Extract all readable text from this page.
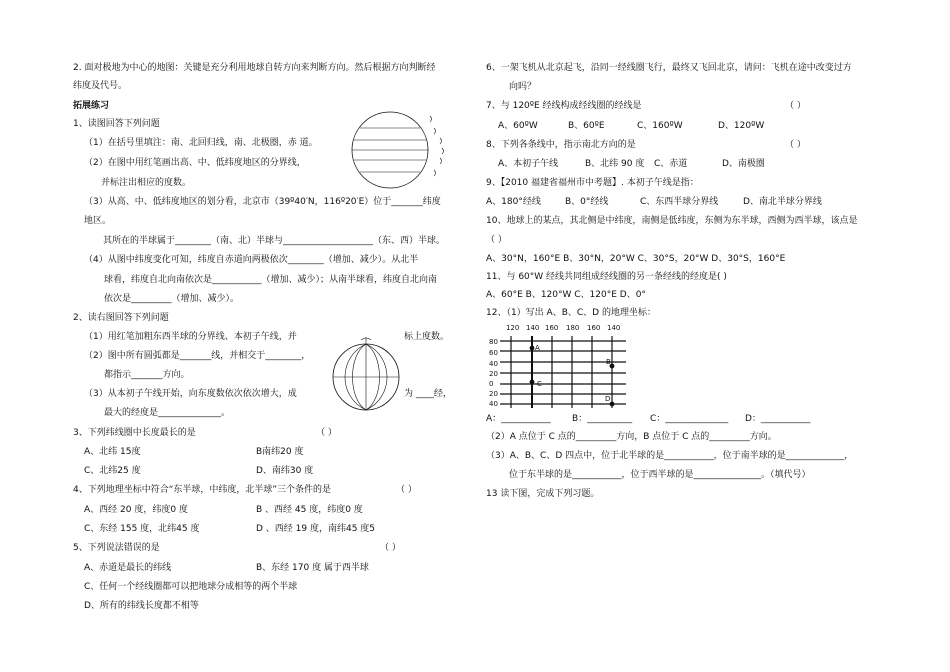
2. 面对极地为中心的地图：关键是充分利用地球自转方向来判断方向。然后根据方向判断经
纬度及代号。
拓展练习
1、读图回答下列问题
（1）在括号里填注：南、北回归线，南、北极圈，赤 道。
（2）在图中用红笔画出高、中、低纬度地区的分界线，
并标注出相应的度数。
（3）从高、中、低纬度地区的划分看，北京市（39º40′N，116º20′E）位于_______纬度
地区。
其所在的半球属于________（南、北）半球与____________________（东、西）半球。
（4）从图中纬度变化可知，纬度自赤道向两极依次________（增加、减少）。从北半
球看，纬度自北向南依次是___________（增加、减少）；从南半球看，纬度自北向南
依次是_________（增加、减少）。
2、读右图回答下列问题
（1）用红笔加粗东西半球的分界线、本初子午线，并	标上度数。
（2）图中所有圆弧都是_______线，并相交于________，
都指示_______方向。
（3）从本初子午线开始，向东度数依次依次增大，成	为 ____经，
最大的经度是______________。
3、下列纬线圈中长度最长的是	（ ）
A、北纬 15度	B南纬20 度
C、北纬25 度	D、南纬30 度
4、下列地理坐标中符合“东半球，中纬度，北半球”三个条件的是	（ ）
A、西经 20 度，纬度0 度	B 、西经 45 度，纬度0 度
C、东经 155 度，北纬45 度	D 、西经 19 度，南纬45 度5
5、下列说法错误的是	（ ）
A、赤道是最长的纬线	B、东经 170 度 属于西半球
C、任何一个经线圈都可以把地球分成相等的两个半球
D、所有的纬线长度都不相等
6、一架飞机从北京起飞，沿同一经线圈飞行，最终又飞回北京，请问：飞机在途中改变过方
向吗？
7、与 120ºE 经线构成经线圈的经线是	（ ）
A、60ºW	B、60ºE	C、160ºW	D、120ºW
8、下列各条线中，指示南北方向的是	（ ）
A、本初子午线	B、北纬 90 度 C、赤道	D、南极圈
9、【2010 福建省福州市中考题】. 本初子午线是指：
A、180°经线	B、0°经线	C、东西半球分界线	D、南北半球分界线
10、地球上的某点，其北侧是中纬度，南侧是低纬度，东侧为东半球，西侧为西半球，该点是
（ ）
A、30°N，160°E B、30°N，20°W C、30°S，20°W D、30°S，160°E
11、与 60°W 经线共同组成经线圈的另一条经线的经度是( )
A、60°E B、120°W C、120°E D、0°
12、（1）写出 A、B、C、D 的地理坐标：
120 140 160 180 160 140
80
60
40
20
0
20
40
A
B
C
D
A：___________ B：__________ C：______________ D：___________
（2）A 点位于 C 点的_________方向，B 点位于 C 点的_________方向。
（3）A、B、C、D 四点中，位于北半球的是___________，位于南半球的是_____________，
位于东半球的是___________，位于西半球的是_______________。（填代号）
13 读下图，完成下列习题。
